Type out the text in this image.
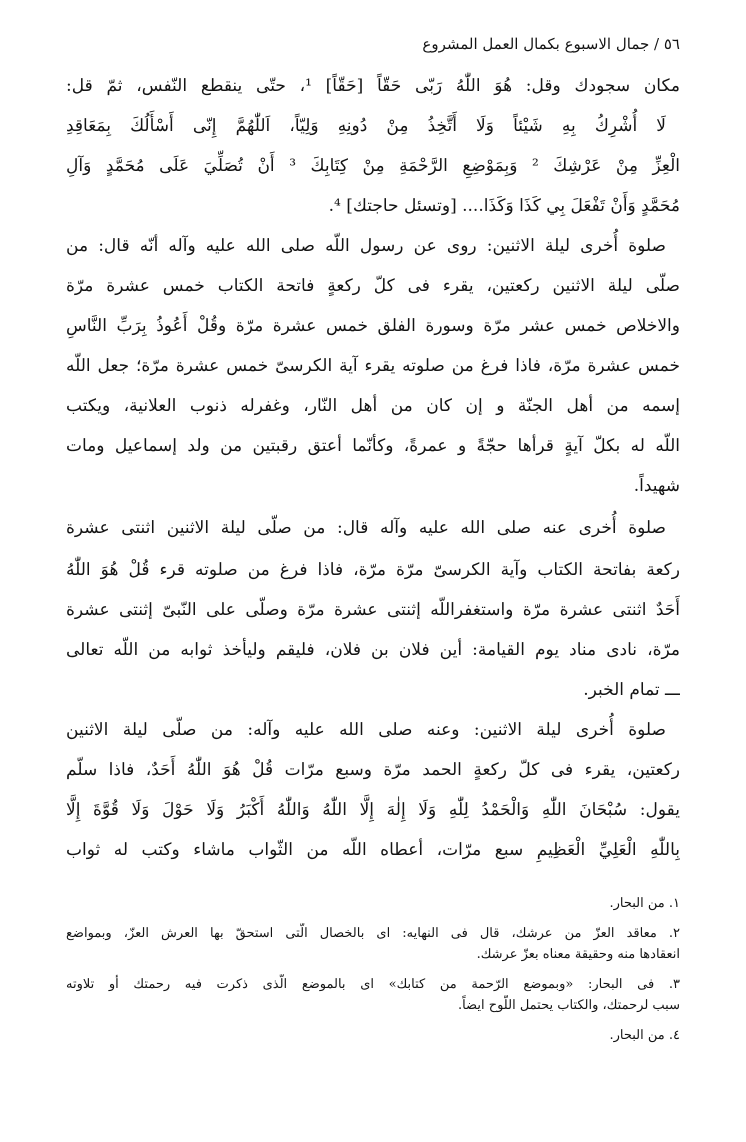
٥٦ / جمال الاسبوع بكمال العمل المشروع
مكان سجودك وقل: هُوَ اللّٰهُ رَبّی حَقّاً [حَقّاً] ¹، حتّی ینقطع النّفس، ثمّ قل:
لَا أُشْرِكُ بِهِ شَيْئاً وَلَا أَتَّخِذُ مِنْ دُونِهِ وَلِيّاً، اَللّٰهُمَّ إِنّی أَسْأَلُكَ بِمَعَاقِدِ
الْعِزِّ مِنْ عَرْشِكَ ² وَبِمَوْضِعِ الرَّحْمَةِ مِنْ كِتَابِكَ ³ أَنْ تُصَلِّيَ عَلَى مُحَمَّدٍ وَآلِ
مُحَمَّدٍ وَأَنْ تَفْعَلَ بِي كَذَا وَكَذَا.... [وتسئل حاجتك] ⁴.
صلوة أُخری لیلة الاثنین: روی عن رسول اللّه صلی الله علیه وآله أنّه قال: من
صلّی لیلة الاثنین رکعتین، یقرء فی کلّ رکعةٍ فاتحة الکتاب خمس عشرة مرّة
والاخلاص خمس عشر مرّة وسورة الفلق خمس عشرة مرّة وقُلْ أَعُوذُ بِرَبِّ النَّاسِ
خمس عشرة مرّة، فاذا فرغ من صلوته یقرء آیة الکرسیّ خمس عشرة مرّة؛ جعل اللّه
إسمه من أهل الجنّة و إن کان من أهل النّار، وغفرله ذنوب العلانیة، ویکتب
اللّه له بکلّ آیةٍ قرأها حجّةً و عمرةً، وکأنّما أعتق رقبتین من ولد إسماعیل ومات
شهیداً.
صلوة أُخری عنه صلی الله علیه وآله قال: من صلّی لیلة الاثنین اثنتی عشرة
رکعة بفاتحة الکتاب وآیة الکرسیّ مرّة مرّة، فاذا فرغ من صلوته قرء قُلْ هُوَ اللّٰهُ
أَحَدٌ اثنتی عشرة مرّة واستغفراللّه إثنتی عشرة مرّة وصلّی علی النّبیّ إثنتی عشرة
مرّة، نادی مناد یوم القیامة: أین فلان بن فلان، فلیقم ولیأخذ ثوابه من اللّه تعالی
ـــ تمام الخبر.
صلوة أُخری لیلة الاثنین: وعنه صلی الله علیه وآله: من صلّی لیلة الاثنین
رکعتین، یقرء فی کلّ رکعةٍ الحمد مرّة وسبع مرّات قُلْ هُوَ اللّٰهُ أَحَدٌ، فاذا سلّم
یقول: سُبْحَانَ اللّٰهِ وَالْحَمْدُ لِلّٰهِ وَلَا إِلٰهَ إِلَّا اللّٰهُ وَاللّٰهُ أَكْبَرُ وَلَا حَوْلَ وَلَا قُوَّةَ إِلَّا
بِاللّٰهِ الْعَلِيِّ الْعَظِيمِ سبع مرّات، أعطاه اللّه من الثّواب ماشاء وکتب له ثواب
١. من البحار.
٢. معاقد العزّ من عرشك، قال فی النهایه: ای بالخصال الّتی استحقّ بها العرش العزّ، وبمواضع
انعقادها منه وحقیقة معناه بعزّ عرشك.
٣. فی البحار: «وبموضع الرّحمة من کتابك» ای بالموضع الّذی ذکرت فیه رحمتك أو تلاوته
سبب لرحمتك، والکتاب یحتمل اللّوح ایضاً.
٤. من البحار.
